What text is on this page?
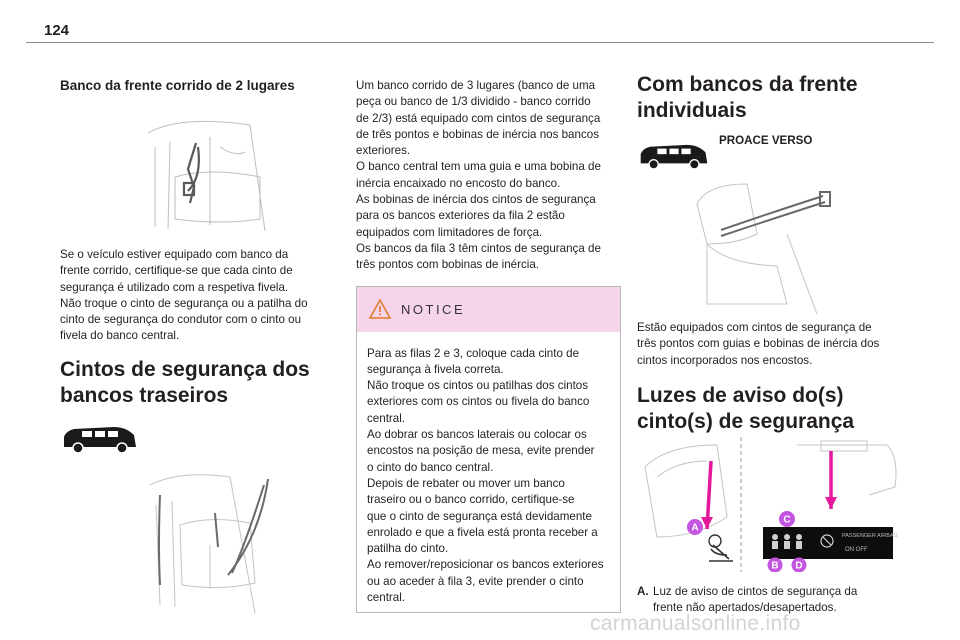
124
Banco da frente corrido de 2 lugares
Se o veículo estiver equipado com banco da
frente corrido, certifique-se que cada cinto de
segurança é utilizado com a respetiva fivela.
Não troque o cinto de segurança ou a patilha do
cinto de segurança do condutor com o cinto ou
fivela do banco central.
Cintos de segurança dos
bancos traseiros
Um banco corrido de 3 lugares (banco de uma
peça ou banco de 1/3 dividido - banco corrido
de 2/3) está equipado com cintos de segurança
de três pontos e bobinas de inércia nos bancos
exteriores.
O banco central tem uma guia e uma bobina de
inércia encaixado no encosto do banco.
As bobinas de inércia dos cintos de segurança
para os bancos exteriores da fila 2 estão
equipados com limitadores de força.
Os bancos da fila 3 têm cintos de segurança de
três pontos com bobinas de inércia.
NOTICE
Para as filas 2 e 3, coloque cada cinto de
segurança à fivela correta.
Não troque os cintos ou patilhas dos cintos
exteriores com os cintos ou fivela do banco
central.
Ao dobrar os bancos laterais ou colocar os
encostos na posição de mesa, evite prender
o cinto do banco central.
Depois de rebater ou mover um banco
traseiro ou o banco corrido, certifique-se
que o cinto de segurança está devidamente
enrolado e que a fivela está pronta receber a
patilha do cinto.
Ao remover/reposicionar os bancos exteriores
ou ao aceder à fila 3, evite prender o cinto
central.
Com bancos da frente
individuais
PROACE VERSO
Estão equipados com cintos de segurança de
três pontos com guias e bobinas de inércia dos
cintos incorporados nos encostos.
Luzes de aviso do(s)
cinto(s) de segurança
PASSENGER AIRBAG
ON OFF
A
C
B D
A. Luz de aviso de cintos de segurança da
frente não apertados/desapertados.
carmanualsonline.info
